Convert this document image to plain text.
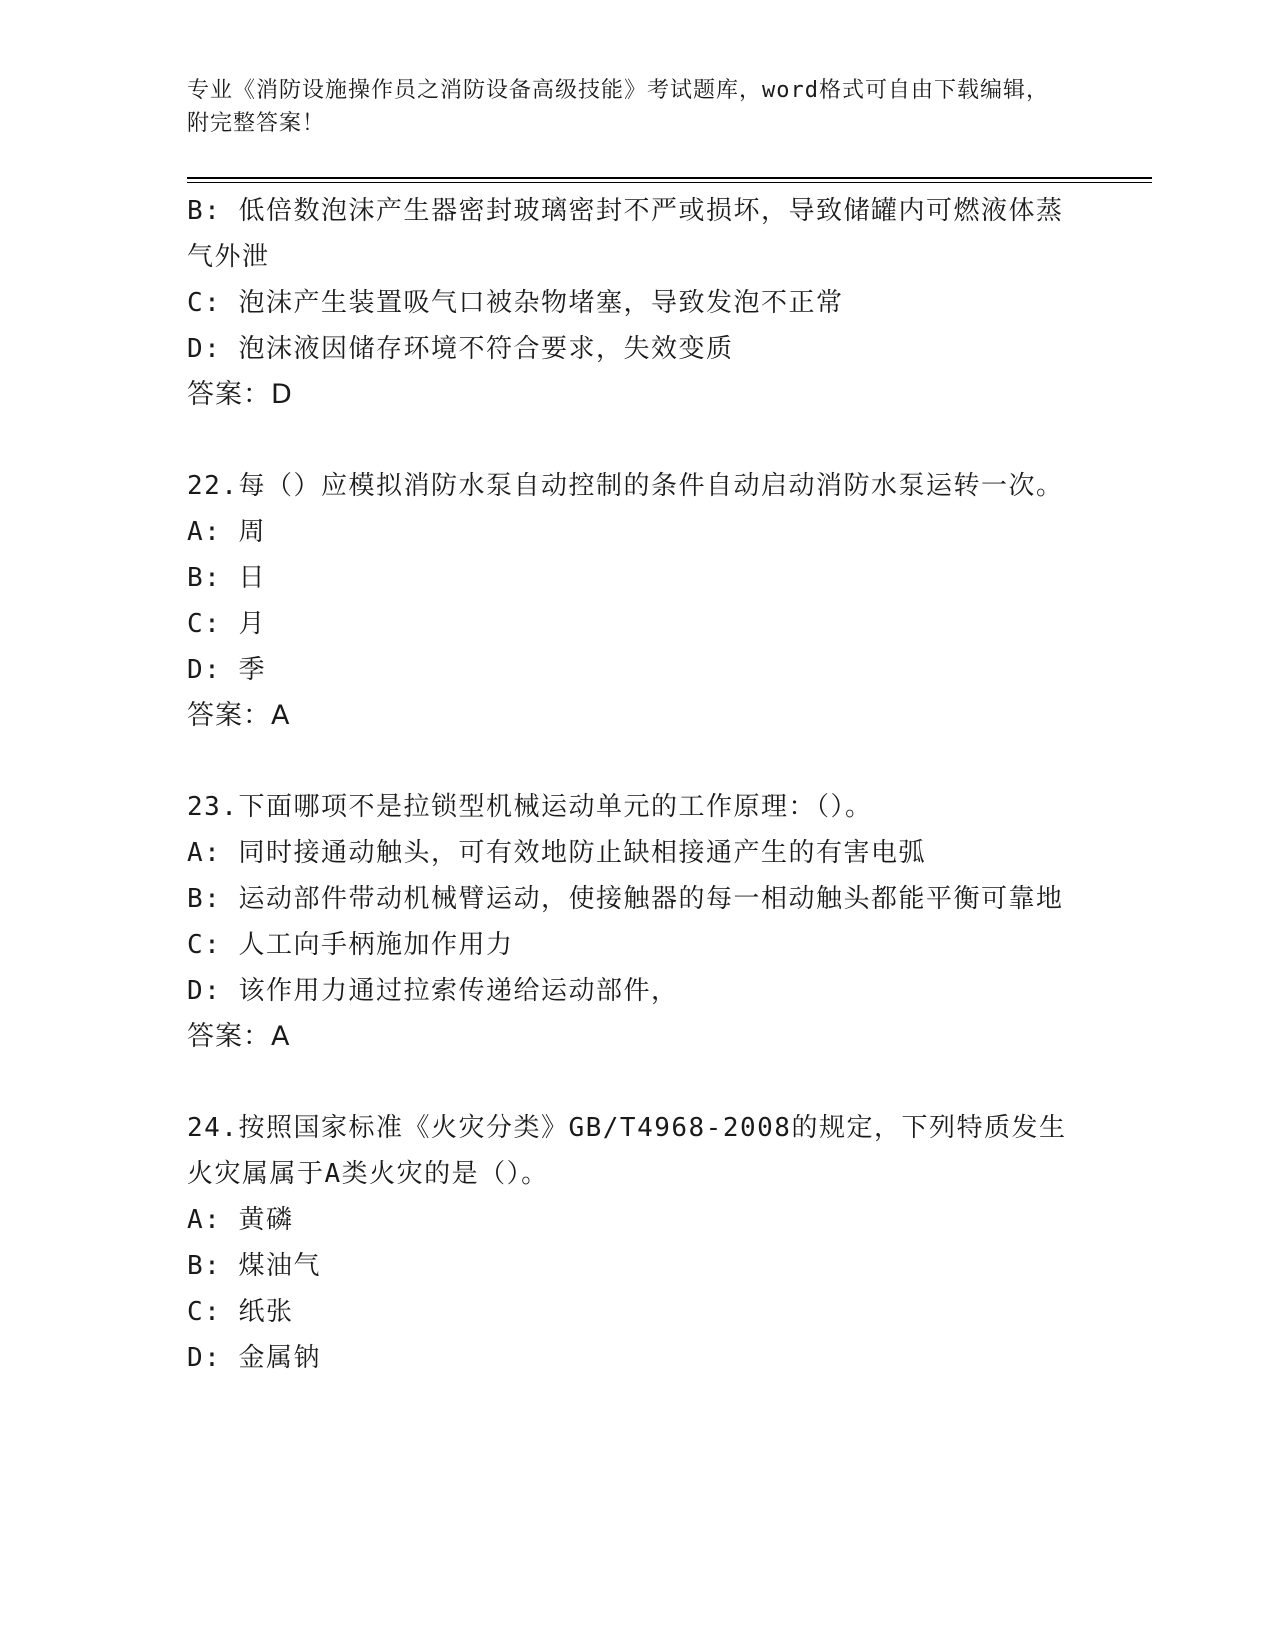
专业《消防设施操作员之消防设备高级技能》考试题库，word格式可自由下载编辑，附完整答案！
B: 低倍数泡沫产生器密封玻璃密封不严或损坏，导致储罐内可燃液体蒸气外泄
C: 泡沫产生装置吸气口被杂物堵塞，导致发泡不正常
D: 泡沫液因储存环境不符合要求，失效变质
答案：D
22.每（）应模拟消防水泵自动控制的条件自动启动消防水泵运转一次。
A: 周
B: 日
C: 月
D: 季
答案：A
23.下面哪项不是拉锁型机械运动单元的工作原理：（）。
A: 同时接通动触头，可有效地防止缺相接通产生的有害电弧
B: 运动部件带动机械臂运动，使接触器的每一相动触头都能平衡可靠地
C: 人工向手柄施加作用力
D: 该作用力通过拉索传递给运动部件，
答案：A
24.按照国家标准《火灾分类》GB/T4968-2008的规定，下列特质发生火灾属属于A类火灾的是（）。
A: 黄磷
B: 煤油气
C: 纸张
D: 金属钠
